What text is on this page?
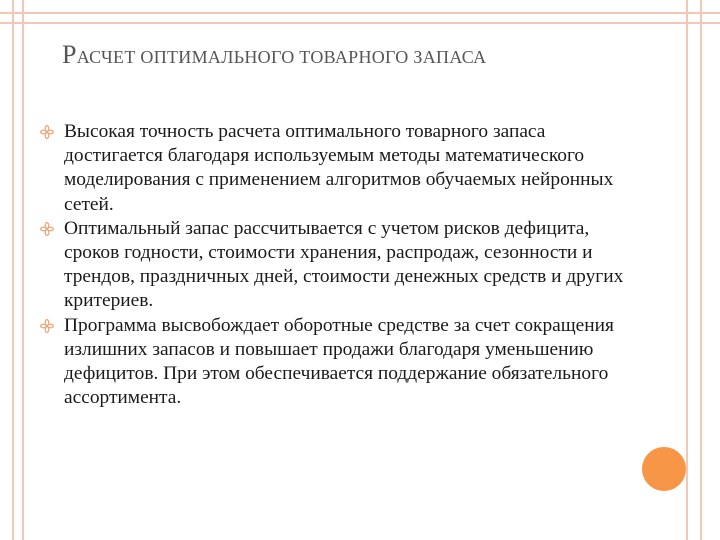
РАСЧЕТ ОПТИМАЛЬНОГО ТОВАРНОГО ЗАПАСА
Высокая точность расчета оптимального товарного запаса достигается благодаря используемым методы математического моделирования с применением алгоритмов обучаемых нейронных сетей.
Оптимальный запас рассчитывается с учетом рисков дефицита, сроков годности, стоимости хранения, распродаж, сезонности и трендов, праздничных дней, стоимости денежных средств и других критериев.
Программа высвобождает оборотные средстве за счет сокращения излишних запасов и повышает продажи благодаря уменьшению дефицитов. При этом обеспечивается поддержание обязательного ассортимента.
